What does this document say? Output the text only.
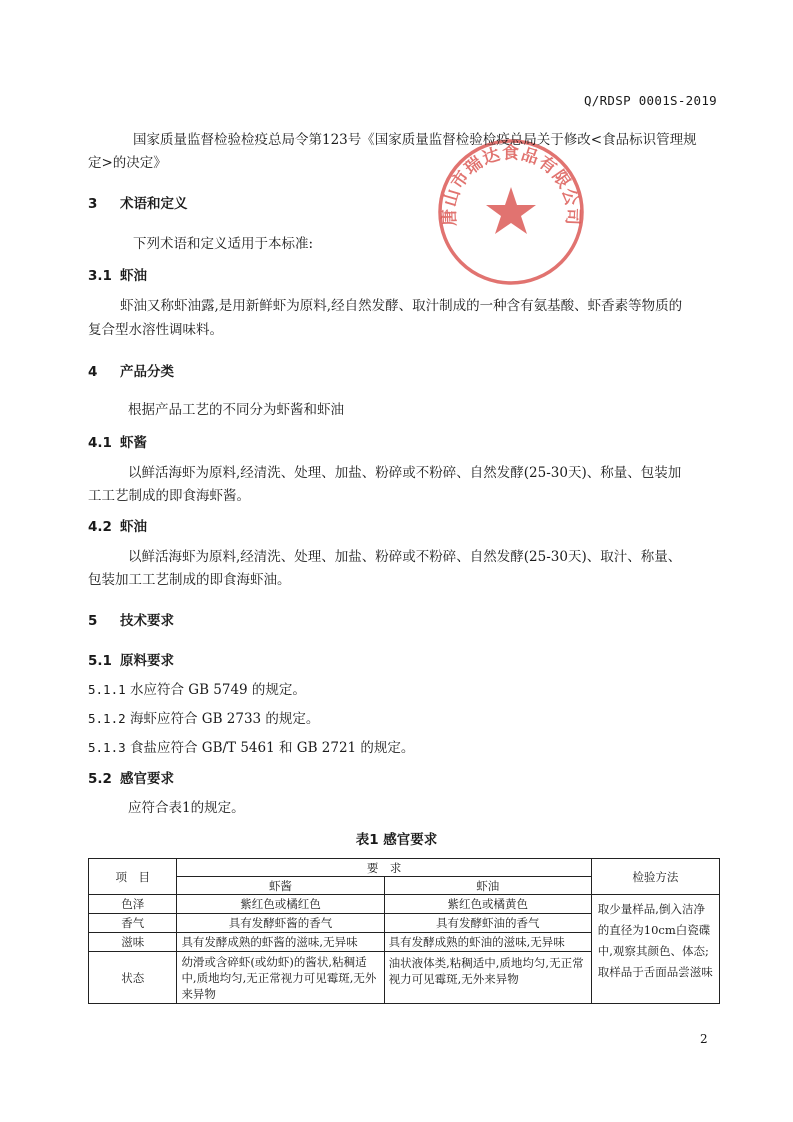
Q/RDSP 0001S-2019
唐山市瑞达食品有限公司
国家质量监督检验检疫总局令第123号《国家质量监督检验检疫总局关于修改<食品标识管理规
定>的决定》
3 术语和定义
下列术语和定义适用于本标准:
3.1 虾油
虾油又称虾油露,是用新鲜虾为原料,经自然发酵、取汁制成的一种含有氨基酸、虾香素等物质的
复合型水溶性调味料。
4 产品分类
根据产品工艺的不同分为虾酱和虾油
4.1 虾酱
以鲜活海虾为原料,经清洗、处理、加盐、粉碎或不粉碎、自然发酵(25-30天)、称量、包装加
工工艺制成的即食海虾酱。
4.2 虾油
以鲜活海虾为原料,经清洗、处理、加盐、粉碎或不粉碎、自然发酵(25-30天)、取汁、称量、
包装加工工艺制成的即食海虾油。
5 技术要求
5.1 原料要求
5.1.1 水应符合 GB 5749 的规定。
5.1.2 海虾应符合 GB 2733 的规定。
5.1.3 食盐应符合 GB/T 5461 和 GB 2721 的规定。
5.2 感官要求
应符合表1的规定。
表1 感官要求
项　目	要　求		检验方法
	虾酱	虾油	
色泽	紫红色或橘红色	紫红色或橘黄色	取少量样品,倒入洁净的直径为10cm白瓷碟中,观察其颜色、体态;取样品于舌面品尝滋味
香气	具有发酵虾酱的香气	具有发酵虾油的香气	
滋味	具有发酵成熟的虾酱的滋味,无异味	具有发酵成熟的虾油的滋味,无异味	
状态	幼滑或含碎虾(或幼虾)的酱状,粘稠适中,质地均匀,无正常视力可见霉斑,无外来异物	油状液体类,粘稠适中,质地均匀,无正常视力可见霉斑,无外来异物	
2
